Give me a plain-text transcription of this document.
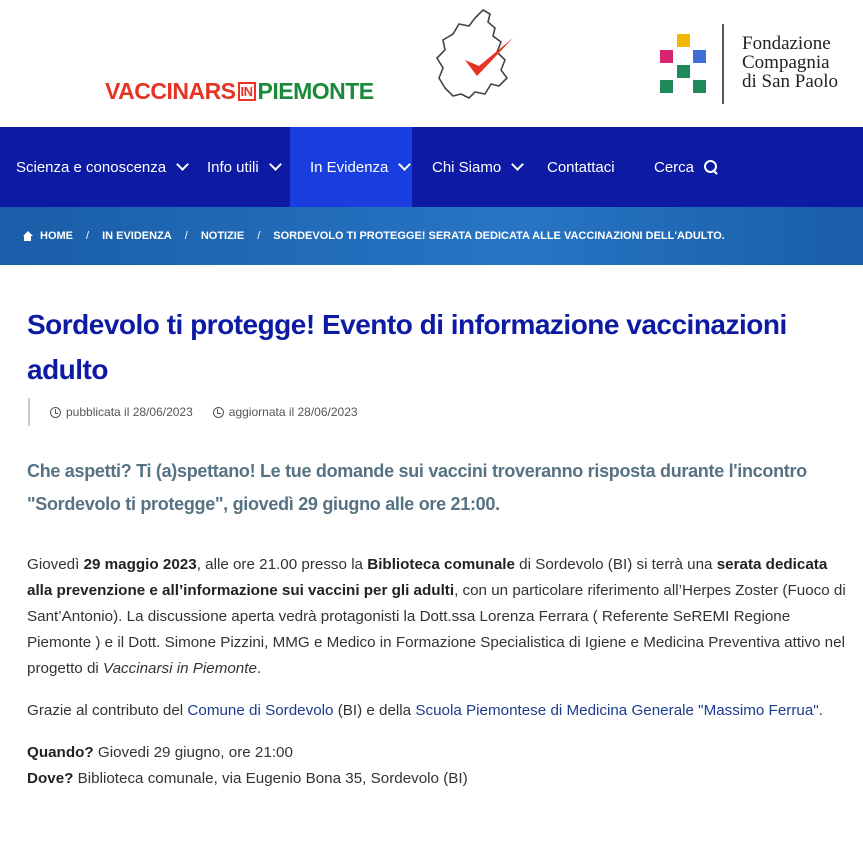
VACCINARS IN PIEMONTE
Fondazione
Compagnia
di San Paolo
Scienza e conoscenza	Info utili	In Evidenza	Chi Siamo	Contattaci	Cerca
HOME / IN EVIDENZA / NOTIZIE / SORDEVOLO TI PROTEGGE! SERATA DEDICATA ALLE VACCINAZIONI DELL'ADULTO.
Sordevolo ti protegge! Evento di informazione vaccinazioni adulto
pubblicata il 28/06/2023	aggiornata il 28/06/2023
Che aspetti? Ti (a)spettano! Le tue domande sui vaccini troveranno risposta durante l'incontro "Sordevolo ti protegge", giovedì 29 giugno alle ore 21:00.

Giovedì 29 maggio 2023, alle ore 21.00 presso la Biblioteca comunale di Sordevolo (BI) si terrà una serata dedicata alla prevenzione e all’informazione sui vaccini per gli adulti, con un particolare riferimento all’Herpes Zoster (Fuoco di Sant’Antonio). La discussione aperta vedrà protagonisti la Dott.ssa Lorenza Ferrara ( Referente SeREMI Regione Piemonte ) e il Dott. Simone Pizzini, MMG e Medico in Formazione Specialistica di Igiene e Medicina Preventiva attivo nel progetto di Vaccinarsi in Piemonte.

Grazie al contributo del Comune di Sordevolo (BI) e della Scuola Piemontese di Medicina Generale "Massimo Ferrua".

Quando? Giovedi 29 giugno, ore 21:00
Dove? Biblioteca comunale, via Eugenio Bona 35, Sordevolo (BI)
